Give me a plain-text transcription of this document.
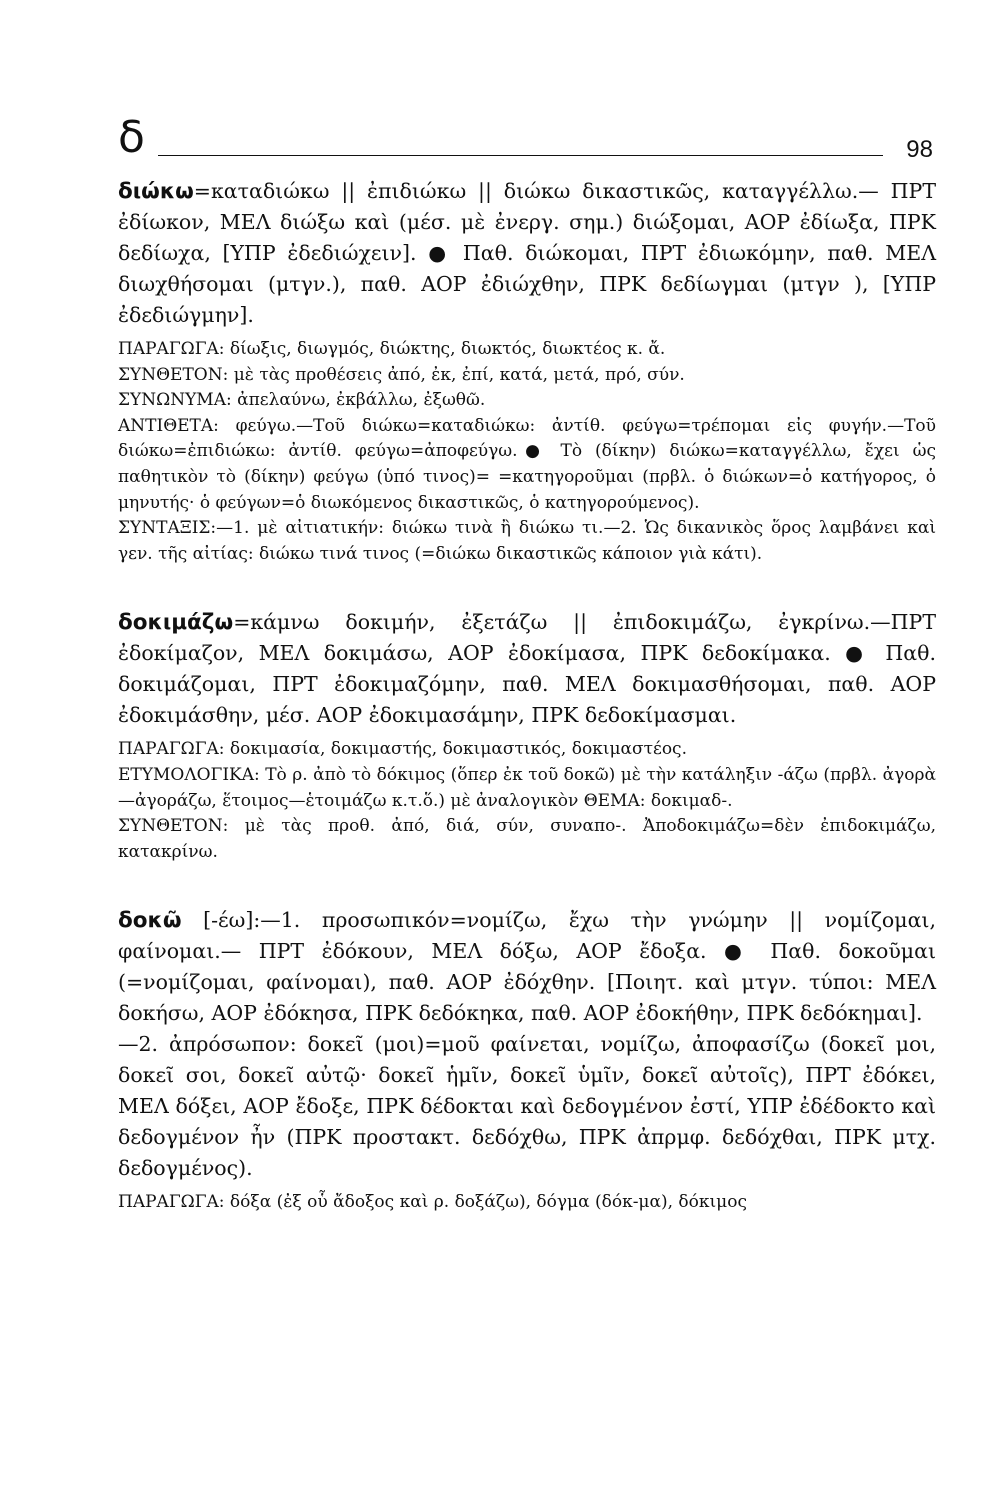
δ	98

διώκω=καταδιώκω || ἐπιδιώκω || διώκω δικαστικῶς, καταγγέλλω.— ΠΡΤ ἐδίωκον, ΜΕΛ διώξω καὶ (μέσ. μὲ ἐνεργ. σημ.) διώξομαι, ΑΟΡ ἐδίωξα, ΠΡΚ δεδίωχα, [ΥΠΡ ἐδεδιώχειν]. ● Παθ. διώκομαι, ΠΡΤ ἐδιωκόμην, παθ. ΜΕΛ διωχθήσομαι (μτγν.), παθ. ΑΟΡ ἐδιώχθην, ΠΡΚ δεδίωγμαι (μτγν ), [ΥΠΡ ἐδεδιώγμην].

ΠΑΡΑΓΩΓΑ: δίωξις, διωγμός, διώκτης, διωκτός, διωκτέος κ. ἄ.

ΣΥΝΘΕΤΟΝ: μὲ τὰς προθέσεις ἀπό, ἐκ, ἐπί, κατά, μετά, πρό, σύν.

ΣΥΝΩΝΥΜΑ: ἀπελαύνω, ἐκβάλλω, ἐξωθῶ.

ΑΝΤΙΘΕΤΑ: φεύγω.—Τοῦ διώκω=καταδιώκω: ἀντίθ. φεύγω=τρέπομαι εἰς φυγήν.—Τοῦ διώκω=ἐπιδιώκω: ἀντίθ. φεύγω=ἀποφεύγω.● Τὸ (δίκην) διώκω=καταγγέλλω, ἔχει ὡς παθητικὸν τὸ (δίκην) φεύγω (ὑπό τινος)= =κατηγοροῦμαι (πρβλ. ὁ διώκων=ὁ κατήγορος, ὁ μηνυτής· ὁ φεύγων=ὁ διωκόμενος δικαστικῶς, ὁ κατηγορούμενος).

ΣΥΝΤΑΞΙΣ:—1. μὲ αἰτιατικήν: διώκω τινὰ ἢ διώκω τι.—2. Ὡς δικανικὸς ὅρος λαμβάνει καὶ γεν. τῆς αἰτίας: διώκω τινά τινος (=διώκω δικαστικῶς κάποιον γιὰ κάτι).

δοκιμάζω=κάμνω δοκιμήν, ἐξετάζω || ἐπιδοκιμάζω, ἐγκρίνω.—ΠΡΤ ἐδοκίμαζον, ΜΕΛ δοκιμάσω, ΑΟΡ ἐδοκίμασα, ΠΡΚ δεδοκίμακα. ● Παθ. δοκιμάζομαι, ΠΡΤ ἐδοκιμαζόμην, παθ. ΜΕΛ δοκιμασθήσομαι, παθ. ΑΟΡ ἐδοκιμάσθην, μέσ. ΑΟΡ ἐδοκιμασάμην, ΠΡΚ δεδοκίμασμαι.

ΠΑΡΑΓΩΓΑ: δοκιμασία, δοκιμαστής, δοκιμαστικός, δοκιμαστέος.

ΕΤΥΜΟΛΟΓΙΚΑ: Τὸ ρ. ἀπὸ τὸ δόκιμος (ὅπερ ἐκ τοῦ δοκῶ) μὲ τὴν κατάληξιν -άζω (πρβλ. ἀγορὰ—ἀγοράζω, ἕτοιμος—ἑτοιμάζω κ.τ.ὅ.) μὲ ἀναλογικὸν ΘΕΜΑ: δοκιμαδ-.

ΣΥΝΘΕΤΟΝ: μὲ τὰς προθ. ἀπό, διά, σύν, συναπο-. Ἀποδοκιμάζω=δὲν ἐπιδοκιμάζω, κατακρίνω.

δοκῶ [-έω]:—1. προσωπικόν=νομίζω, ἔχω τὴν γνώμην || νομίζομαι, φαίνομαι.— ΠΡΤ ἐδόκουν, ΜΕΛ δόξω, ΑΟΡ ἔδοξα. ● Παθ. δοκοῦμαι (=νομίζομαι, φαίνομαι), παθ. ΑΟΡ ἐδόχθην. [Ποιητ. καὶ μτγν. τύποι: ΜΕΛ δοκήσω, ΑΟΡ ἐδόκησα, ΠΡΚ δεδόκηκα, παθ. ΑΟΡ ἐδοκήθην, ΠΡΚ δεδόκημαι].

—2. ἀπρόσωπον: δοκεῖ (μοι)=μοῦ φαίνεται, νομίζω, ἀποφασίζω (δοκεῖ μοι, δοκεῖ σοι, δοκεῖ αὐτῷ· δοκεῖ ἡμῖν, δοκεῖ ὑμῖν, δοκεῖ αὐτοῖς), ΠΡΤ ἐδόκει, ΜΕΛ δόξει, ΑΟΡ ἔδοξε, ΠΡΚ δέδοκται καὶ δεδογμένον ἐστί, ΥΠΡ ἐδέδοκτο καὶ δεδογμένον ἦν (ΠΡΚ προστακτ. δεδόχθω, ΠΡΚ ἀπρμφ. δεδόχθαι, ΠΡΚ μτχ. δεδογμένος).

ΠΑΡΑΓΩΓΑ: δόξα (ἐξ οὗ ἄδοξος καὶ ρ. δοξάζω), δόγμα (δόκ-μα), δόκιμος
